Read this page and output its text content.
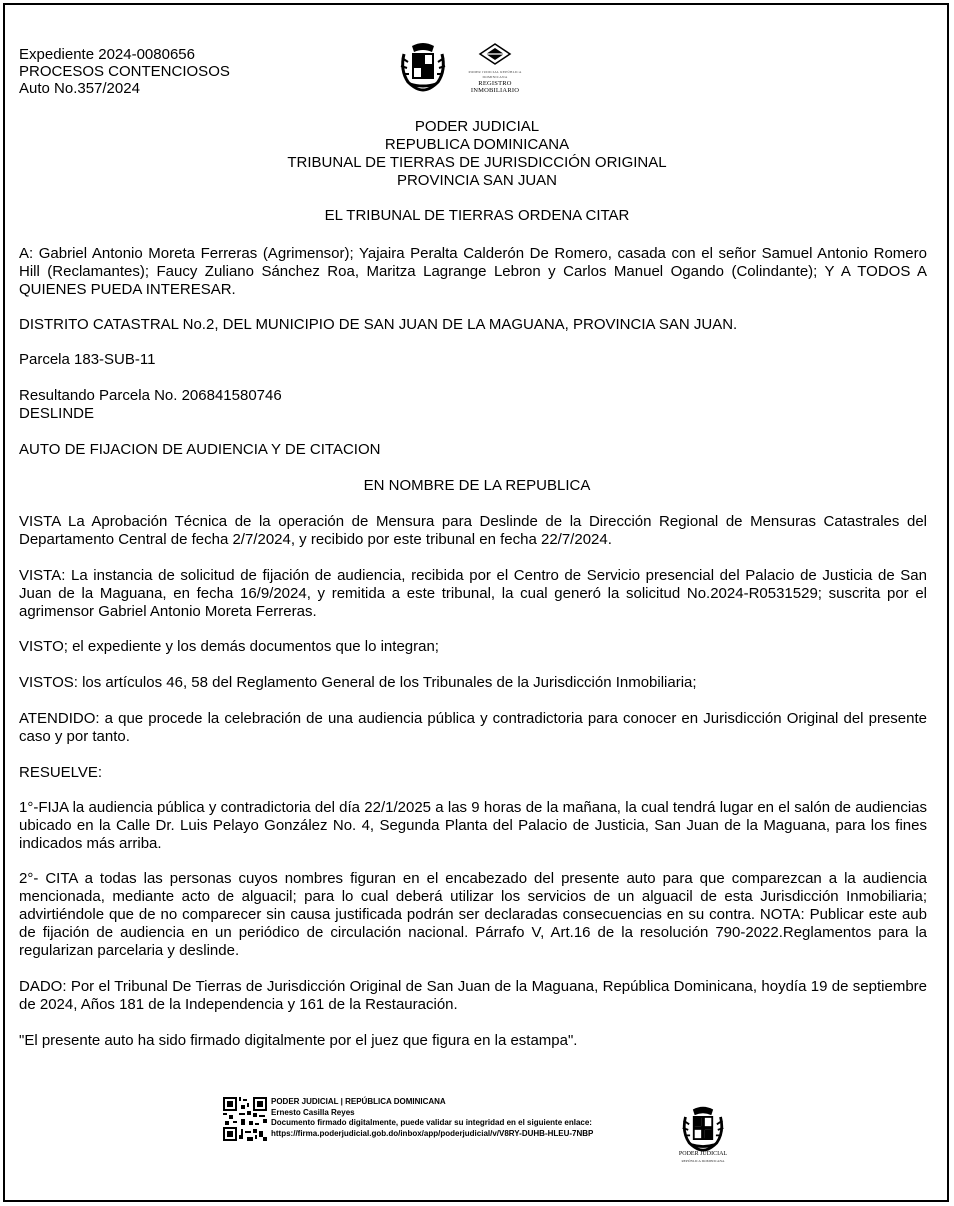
Expediente 2024-0080656
PROCESOS CONTENCIOSOS
Auto No.357/2024
PODER JUDICIAL REPÚBLICA DOMINICANA
REGISTRO
INMOBILIARIO
PODER JUDICIAL
REPUBLICA DOMINICANA
TRIBUNAL DE TIERRAS DE JURISDICCIÓN ORIGINAL
PROVINCIA SAN JUAN
EL TRIBUNAL DE TIERRAS ORDENA CITAR
A: Gabriel Antonio Moreta Ferreras (Agrimensor); Yajaira Peralta Calderón De Romero, casada con el señor Samuel Antonio Romero Hill (Reclamantes); Faucy Zuliano Sánchez Roa, Maritza Lagrange Lebron y Carlos Manuel Ogando (Colindante); Y A TODOS A QUIENES PUEDA INTERESAR.
DISTRITO CATASTRAL No.2, DEL MUNICIPIO DE SAN JUAN DE LA MAGUANA, PROVINCIA SAN JUAN.
Parcela 183-SUB-11
Resultando Parcela No. 206841580746
DESLINDE
AUTO DE FIJACION DE AUDIENCIA Y DE CITACION
EN NOMBRE DE LA REPUBLICA
VISTA La Aprobación Técnica de la operación de Mensura para Deslinde de la Dirección Regional de Mensuras Catastrales del Departamento Central de fecha 2/7/2024, y recibido por este tribunal en fecha 22/7/2024.
VISTA: La instancia de solicitud de fijación de audiencia, recibida por el Centro de Servicio presencial del Palacio de Justicia de San Juan de la Maguana, en fecha 16/9/2024, y remitida a este tribunal, la cual generó la solicitud No.2024-R0531529; suscrita por el agrimensor Gabriel Antonio Moreta Ferreras.
VISTO; el expediente y los demás documentos que lo integran;
VISTOS: los artículos 46, 58 del Reglamento General de los Tribunales de la Jurisdicción Inmobiliaria;
ATENDIDO: a que procede la celebración de una audiencia pública y contradictoria para conocer en Jurisdicción Original del presente caso y por tanto.
RESUELVE:
1°-FIJA la audiencia pública y contradictoria del día 22/1/2025 a las 9 horas de la mañana, la cual tendrá lugar en el salón de audiencias ubicado en la Calle Dr. Luis Pelayo González No. 4, Segunda Planta del Palacio de Justicia, San Juan de la Maguana, para los fines indicados más arriba.
2°- CITA a todas las personas cuyos nombres figuran en el encabezado del presente auto para que comparezcan a la audiencia mencionada, mediante acto de alguacil; para lo cual deberá utilizar los servicios de un alguacil de esta Jurisdicción Inmobiliaria; advirtiéndole que de no comparecer sin causa justificada podrán ser declaradas consecuencias en su contra. NOTA: Publicar este aub de fijación de audiencia en un periódico de circulación nacional. Párrafo V, Art.16 de la resolución 790-2022.Reglamentos para la regularizan parcelaria y deslinde.
DADO: Por el Tribunal De Tierras de Jurisdicción Original de San Juan de la Maguana, República Dominicana, hoydía 19 de septiembre de 2024, Años 181 de la Independencia y 161 de la Restauración.
"El presente auto ha sido firmado digitalmente por el juez que figura en la estampa".
PODER JUDICIAL | REPÚBLICA DOMINICANA
Ernesto Casilla Reyes
Documento firmado digitalmente, puede validar su integridad en el siguiente enlace:
https://firma.poderjudicial.gob.do/inbox/app/poderjudicial/v/V8RY-DUHB-HLEU-7NBP
PODER JUDICIAL
REPÚBLICA DOMINICANA
